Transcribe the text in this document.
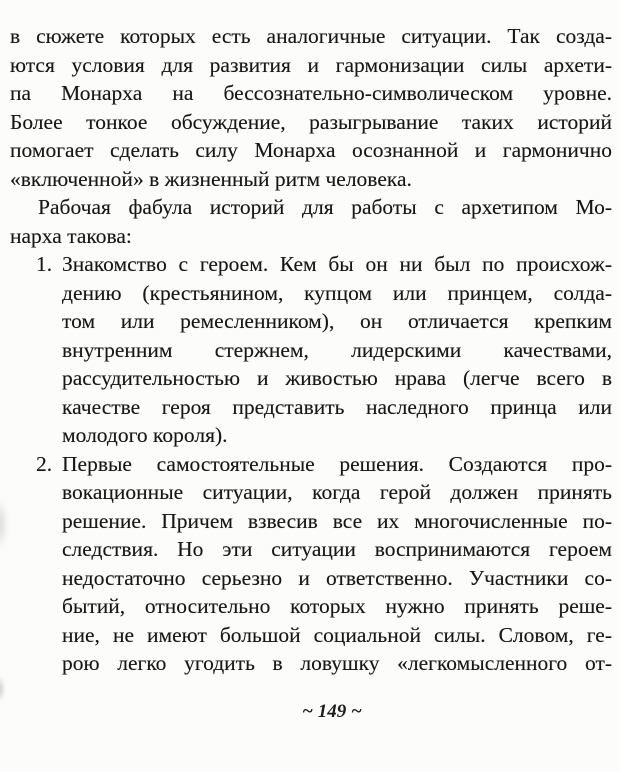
в сюжете которых есть аналогичные ситуации. Так созда-
ются условия для развития и гармонизации силы архети-
па Монарха на бессознательно-символическом уровне.
Более тонкое обсуждение, разыгрывание таких историй
помогает сделать силу Монарха осознанной и гармонично
«включенной» в жизненный ритм человека.
Рабочая фабула историй для работы с архетипом Мо-
нарха такова:
1. Знакомство с героем. Кем бы он ни был по происхож-
дению (крестьянином, купцом или принцем, солда-
том или ремесленником), он отличается крепким
внутренним стержнем, лидерскими качествами,
рассудительностью и живостью нрава (легче всего в
качестве героя представить наследного принца или
молодого короля).
2. Первые самостоятельные решения. Создаются про-
вокационные ситуации, когда герой должен принять
решение. Причем взвесив все их многочисленные по-
следствия. Но эти ситуации воспринимаются героем
недостаточно серьезно и ответственно. Участники со-
бытий, относительно которых нужно принять реше-
ние, не имеют большой социальной силы. Словом, ге-
рою легко угодить в ловушку «легкомысленного от-
~ 149 ~
